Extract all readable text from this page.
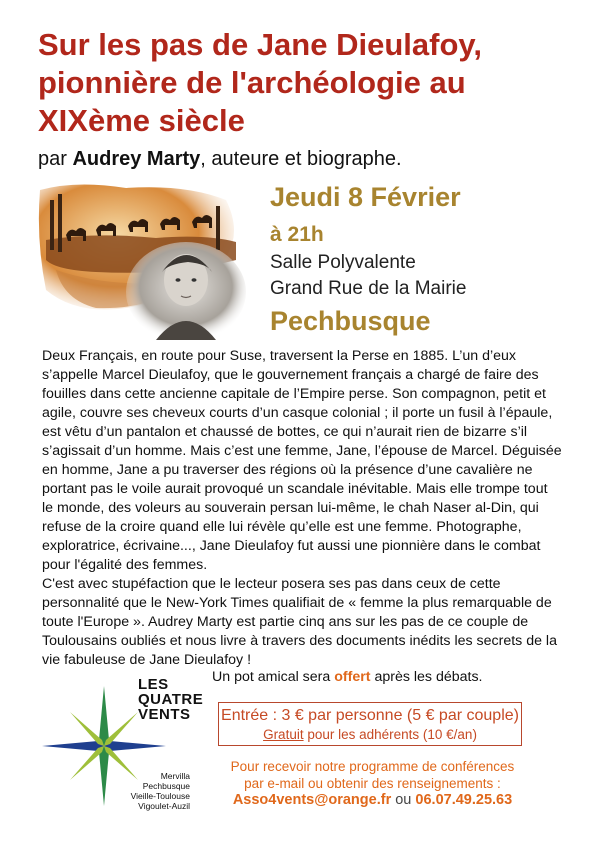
Sur les pas de Jane Dieulafoy,
pionnière de l'archéologie au
XIXème siècle
par Audrey Marty, auteure et biographe.
Jeudi 8 Février
à 21h
Salle Polyvalente
Grand Rue de la Mairie
Pechbusque

Deux Français, en route pour Suse, traversent la Perse en 1885. L’un d’eux s’appelle Marcel Dieulafoy, que le gouvernement français a chargé de faire des fouilles dans cette ancienne capitale de l’Empire perse. Son compagnon, petit et agile, couvre ses cheveux courts d’un casque colonial ; il porte un fusil à l’épaule, est vêtu d’un pantalon et chaussé de bottes, ce qui n’aurait rien de bizarre s’il s’agissait d’un homme. Mais c’est une femme, Jane, l’épouse de Marcel. Déguisée en homme, Jane a pu traverser des régions où la présence d’une cavalière ne portant pas le voile aurait provoqué un scandale inévitable. Mais elle trompe tout le monde, des voleurs au souverain persan lui-même, le chah Naser al-Din, qui refuse de la croire quand elle lui révèle qu’elle est une femme. Photographe, exploratrice, écrivaine..., Jane Dieulafoy fut aussi une pionnière dans le combat pour l'égalité des femmes.

C'est avec stupéfaction que le lecteur posera ses pas dans ceux de cette personnalité que le New-York Times qualifiait de « femme la plus remarquable de toute l'Europe ». Audrey Marty est partie cinq ans sur les pas de ce couple de Toulousains oubliés et nous livre à travers des documents inédits les secrets de la vie fabuleuse de Jane Dieulafoy !

Un pot amical sera offert après les débats.
LES
QUATRE
VENTS
Mervilla
Pechbusque
Vieille-Toulouse
Vigoulet-Auzil
Entrée : 3 € par personne (5 € par couple)
Gratuit pour les adhérents (10 €/an)
Pour recevoir notre programme de conférences
par e-mail ou obtenir des renseignements :
Asso4vents@orange.fr ou 06.07.49.25.63
